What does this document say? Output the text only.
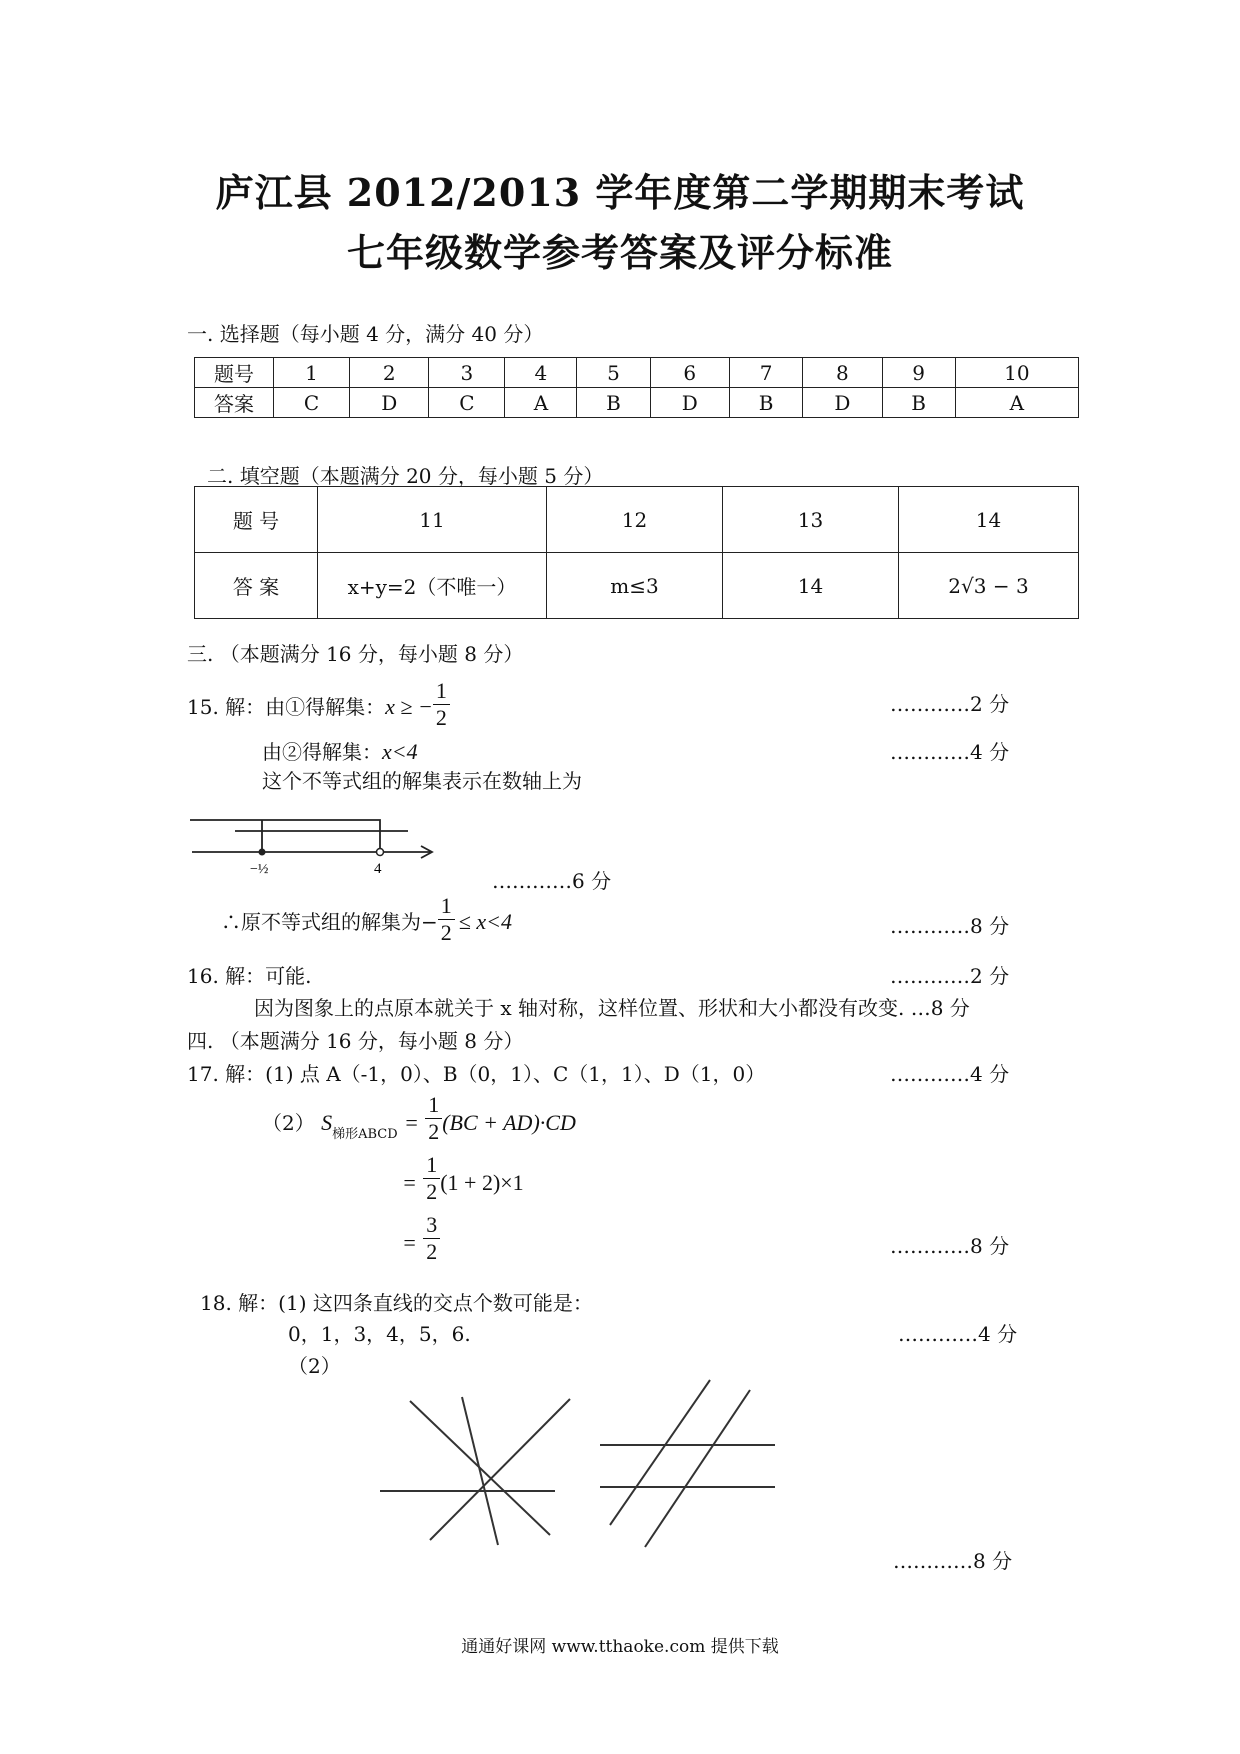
庐江县 2012/2013 学年度第二学期期末考试
七年级数学参考答案及评分标准
一. 选择题（每小题 4 分，满分 40 分）
题号	1	2	3	4	5	6	7	8	9	10
答案	C	D	C	A	B	D	B	D	B	A
二. 填空题（本题满分 20 分，每小题 5 分）
题 号	11	12	13	14
答 案	x+y=2（不唯一）	m≤3	14	2√3 − 3
三. （本题满分 16 分，每小题 8 分）
15. 解：由①得解集：x ≥ − $\frac{1}{2}$	…………2 分
由②得解集：x<4	…………4 分
这个不等式组的解集表示在数轴上为
−½	4	…………6 分
∴原不等式组的解集为− $\frac{1}{2} \le x<4$	…………8 分
16. 解：可能.	…………2 分
因为图象上的点原本就关于 x 轴对称，这样位置、形状和大小都没有改变. …8 分
四. （本题满分 16 分，每小题 8 分）
17. 解：(1) 点 A（-1，0）、B（0，1）、C（1，1）、D（1，0）	…………4 分
（2） $S_{梯形ABCD} = \frac{1}{2} (BC + AD)\cdot CD$
= $\frac{1}{2} (1 + 2)\times 1$
= $\frac{3}{2}$	…………8 分
18. 解：(1) 这四条直线的交点个数可能是：
0，1，3，4，5，6.	…………4 分
（2）
…………8 分
通通好课网 www.tthaoke.com 提供下载
